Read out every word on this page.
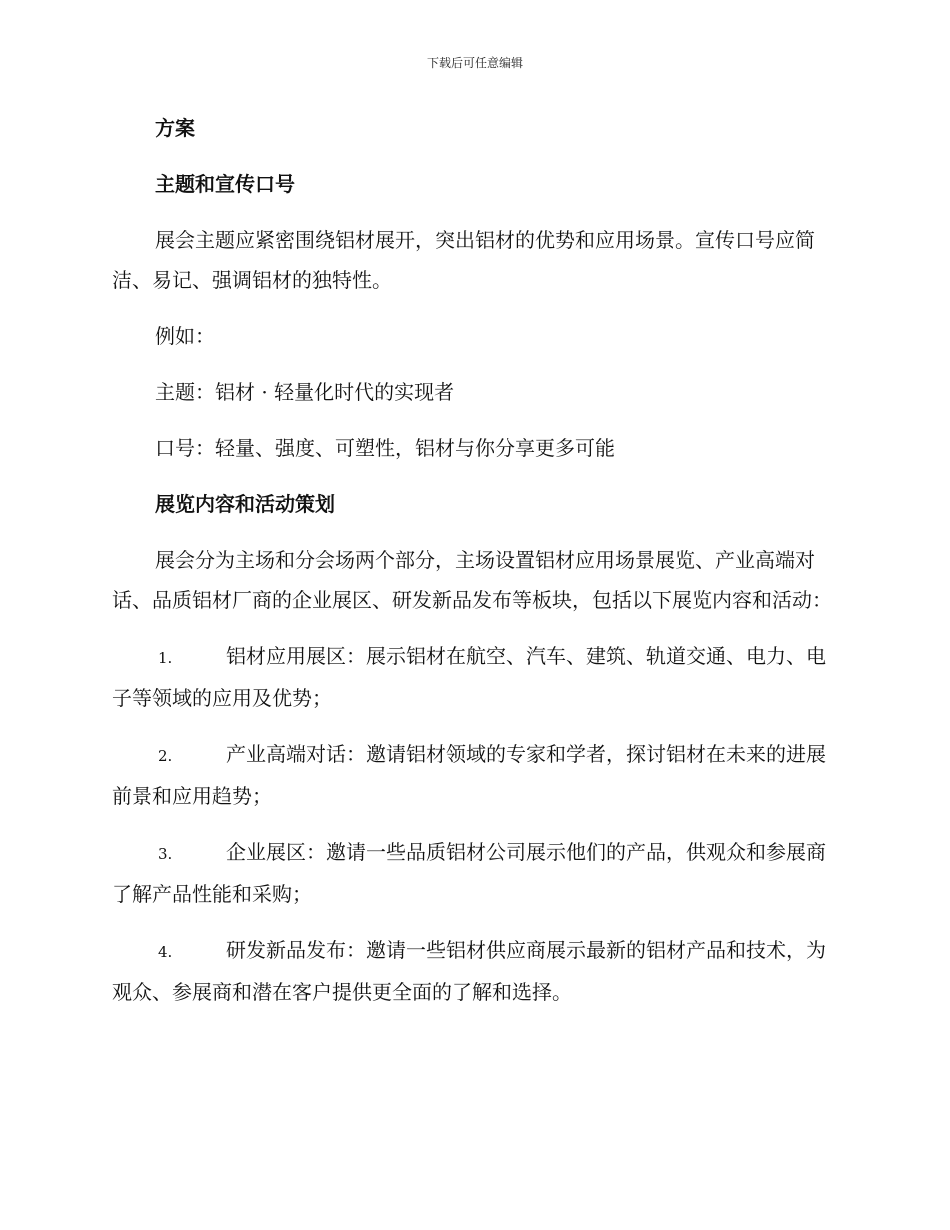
下载后可任意编辑
方案
主题和宣传口号

展会主题应紧密围绕铝材展开，突出铝材的优势和应用场景。宣传口号应简洁、易记、强调铝材的独特性。

例如：

主题：铝材 · 轻量化时代的实现者

口号：轻量、强度、可塑性，铝材与你分享更多可能

展览内容和活动策划

展会分为主场和分会场两个部分，主场设置铝材应用场景展览、产业高端对话、品质铝材厂商的企业展区、研发新品发布等板块，包括以下展览内容和活动：

1.	铝材应用展区：展示铝材在航空、汽车、建筑、轨道交通、电力、电子等领域的应用及优势；
2.	产业高端对话：邀请铝材领域的专家和学者，探讨铝材在未来的进展前景和应用趋势；
3.	企业展区：邀请一些品质铝材公司展示他们的产品，供观众和参展商了解产品性能和采购；
4.	研发新品发布：邀请一些铝材供应商展示最新的铝材产品和技术，为观众、参展商和潜在客户提供更全面的了解和选择。
